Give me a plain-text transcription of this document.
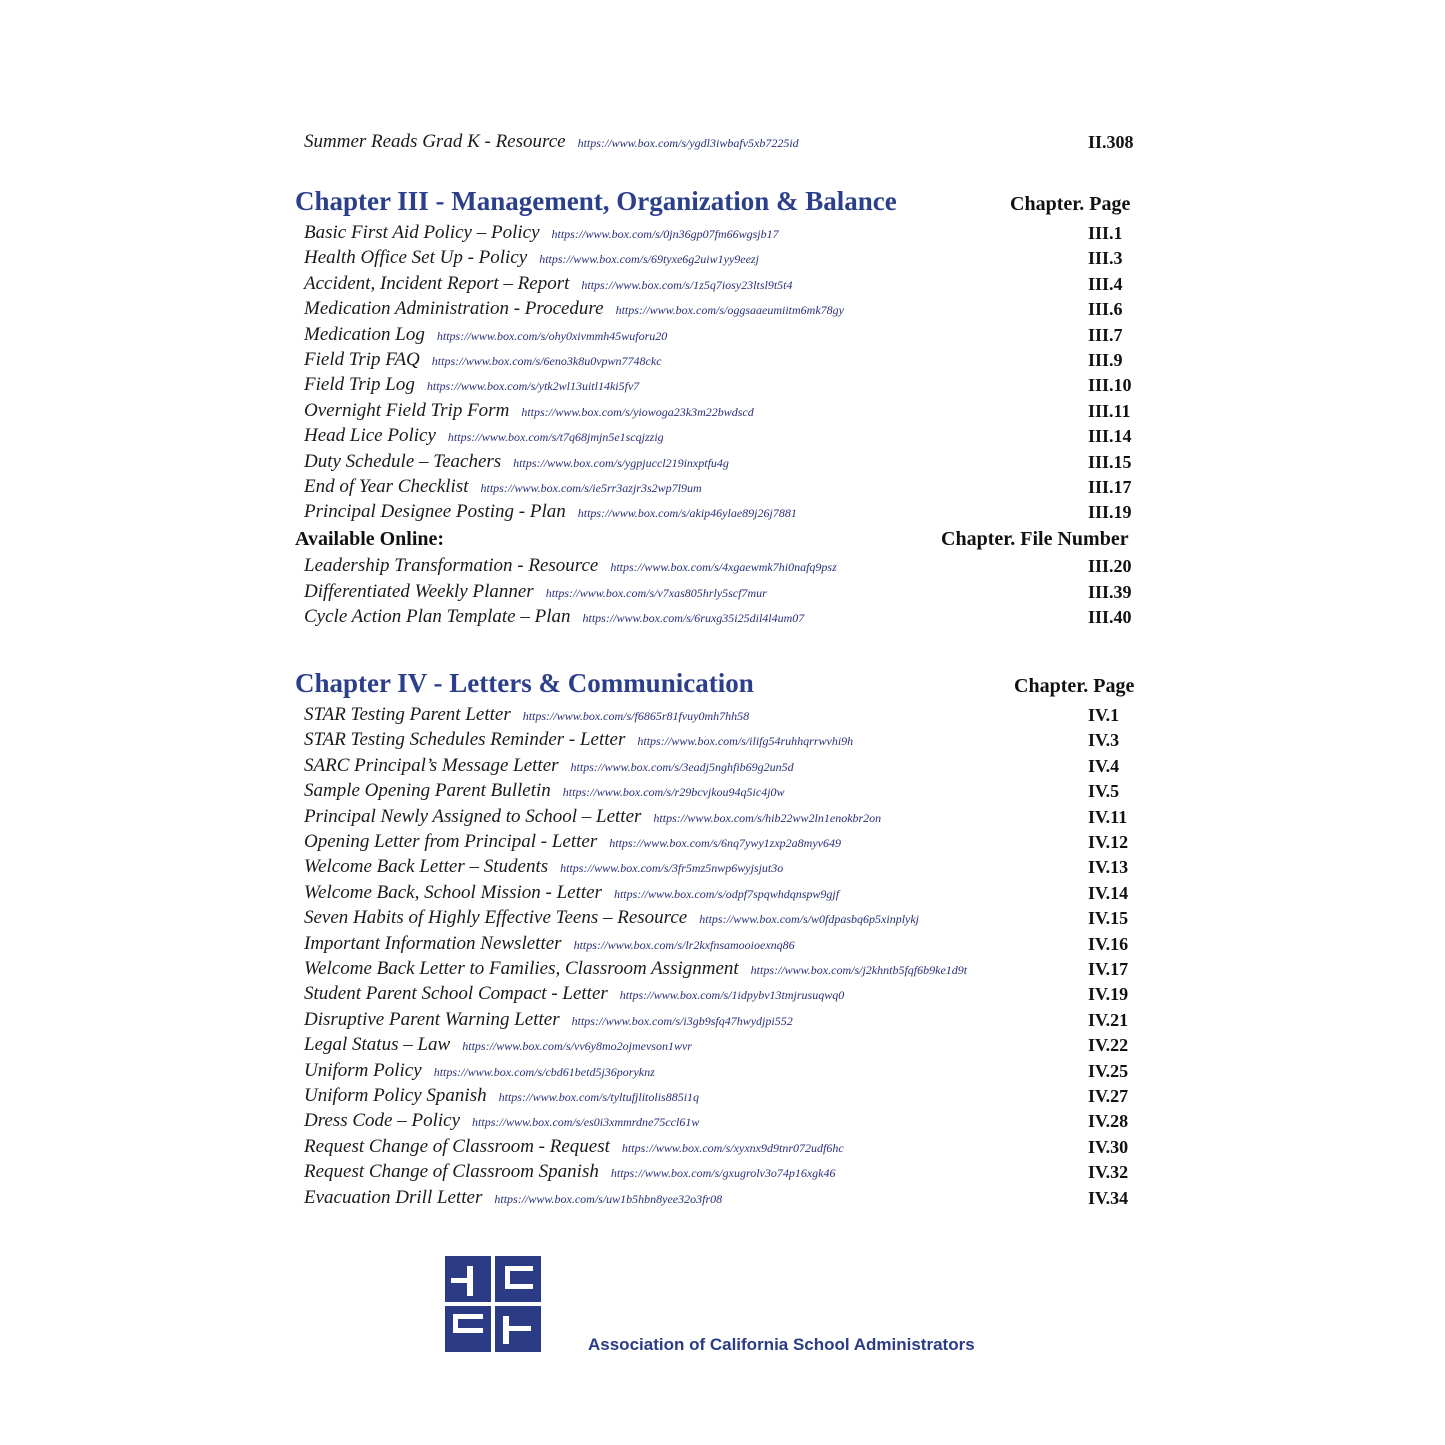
Summer Reads Grad K - Resource https://www.box.com/s/ygdl3iwbafv5xb7225id	II.308
Chapter III - Management, Organization & Balance	Chapter. Page
Basic First Aid Policy – Policy https://www.box.com/s/0jn36gp07fm66wgsjb17	III.1
Health Office Set Up - Policy https://www.box.com/s/69tyxe6g2uiw1yy9eezj	III.3
Accident, Incident Report – Report https://www.box.com/s/1z5q7iosy23ltsl9t5t4	III.4
Medication Administration - Procedure https://www.box.com/s/oggsaaeumiitm6mk78gy	III.6
Medication Log https://www.box.com/s/ohy0xivmmh45wuforu20	III.7
Field Trip FAQ https://www.box.com/s/6eno3k8u0vpwn7748ckc	III.9
Field Trip Log https://www.box.com/s/ytk2wl13uitl14ki5fv7	III.10
Overnight Field Trip Form https://www.box.com/s/yiowoga23k3m22bwdscd	III.11
Head Lice Policy https://www.box.com/s/t7q68jmjn5e1scqjzzig	III.14
Duty Schedule – Teachers https://www.box.com/s/ygpjuccl219inxptfu4g	III.15
End of Year Checklist https://www.box.com/s/ie5rr3azjr3s2wp7l9um	III.17
Principal Designee Posting - Plan https://www.box.com/s/akip46ylae89j26j7881	III.19
Available Online:	Chapter. File Number
Leadership Transformation - Resource https://www.box.com/s/4xgaewmk7hi0nafq9psz	III.20
Differentiated Weekly Planner https://www.box.com/s/v7xas805hrly5scf7mur	III.39
Cycle Action Plan Template – Plan https://www.box.com/s/6ruxg35i25dil4l4um07	III.40
Chapter IV - Letters & Communication	Chapter. Page
STAR Testing Parent Letter https://www.box.com/s/f6865r81fvuy0mh7hh58	IV.1
STAR Testing Schedules Reminder - Letter https://www.box.com/s/ilifg54ruhhqrrwvhi9h	IV.3
SARC Principal’s Message Letter https://www.box.com/s/3eadj5nghfib69g2un5d	IV.4
Sample Opening Parent Bulletin https://www.box.com/s/r29bcvjkou94q5ic4j0w	IV.5
Principal Newly Assigned to School – Letter https://www.box.com/s/hib22ww2ln1enokbr2on	IV.11
Opening Letter from Principal - Letter https://www.box.com/s/6nq7ywy1zxp2a8myv649	IV.12
Welcome Back Letter – Students https://www.box.com/s/3fr5mz5nwp6wyjsjut3o	IV.13
Welcome Back, School Mission - Letter https://www.box.com/s/odpf7spqwhdqnspw9gjf	IV.14
Seven Habits of Highly Effective Teens – Resource https://www.box.com/s/w0fdpasbq6p5xinplykj	IV.15
Important Information Newsletter https://www.box.com/s/lr2kxfnsamooioexnq86	IV.16
Welcome Back Letter to Families, Classroom Assignment https://www.box.com/s/j2khntb5fqf6b9ke1d9t	IV.17
Student Parent School Compact - Letter https://www.box.com/s/1idpybv13tmjrusuqwq0	IV.19
Disruptive Parent Warning Letter https://www.box.com/s/i3gb9sfq47hwydjpi552	IV.21
Legal Status – Law https://www.box.com/s/vv6y8mo2ojmevson1wvr	IV.22
Uniform Policy https://www.box.com/s/cbd61betd5j36poryknz	IV.25
Uniform Policy Spanish https://www.box.com/s/tyltufjlitolis885i1q	IV.27
Dress Code – Policy https://www.box.com/s/es0i3xmmrdne75ccl61w	IV.28
Request Change of Classroom - Request https://www.box.com/s/xyxnx9d9tnr072udf6hc	IV.30
Request Change of Classroom Spanish https://www.box.com/s/gxugrolv3o74p16xgk46	IV.32
Evacuation Drill Letter https://www.box.com/s/uw1b5hbn8yee32o3fr08	IV.34
Association of California School Administrators
